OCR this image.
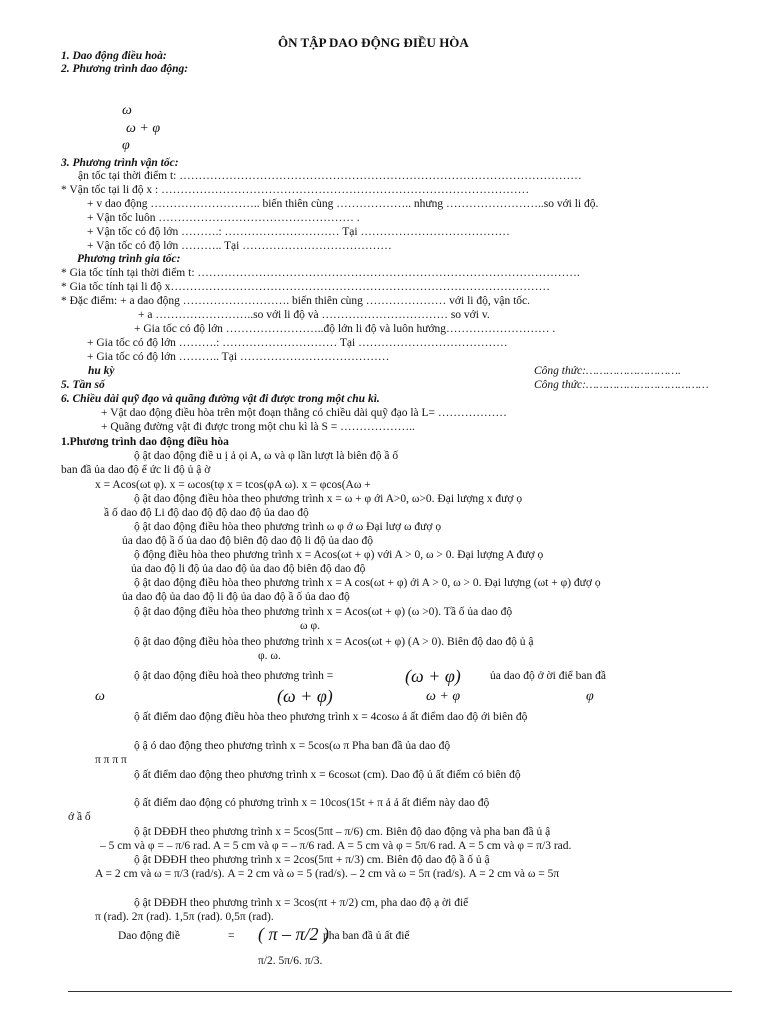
ÔN TẬP DAO ĐỘNG ĐIỀU HÒA
1. Dao động điều hoà:
2. Phương trình dao động:
ω
ω + φ
φ
3. Phương trình vận tốc:
ận tốc tại thời điểm t: ……………………………………………………………………………………………
* Vận tốc tại li độ x : ……………………………………………………………………………………
+ v dao động ……………………….. biến thiên cùng ……………….. nhưng ……………………..so với li độ.
+ Vận tốc luôn …………………………………………… .
+ Vận tốc có độ lớn ……….: ………………………… Tại …………………………………
+ Vận tốc có độ lớn ……….. Tại …………………………………
Phương trình gia tốc:
* Gia tốc tính tại thời điểm t: ……………………………………………………………………………………….
* Gia tốc tính tại li độ x………………………………………………………………………………………
* Đặc điểm: + a dao động ………………………. biến thiên cùng ………………… với li độ, vận tốc.
+ a ……………………..so với li độ và …………………………… so với v.
+ Gia tốc có độ lớn ……………………..độ lớn li độ và luôn hướng……………………… .
+ Gia tốc có độ lớn ……….: ………………………… Tại …………………………………
+ Gia tốc có độ lớn ……….. Tại …………………………………
hu kỳ	Công thức:……………………….
5. Tần số	Công thức:………………………………
6. Chiều dài quỹ đạo và quãng đường vật đi được trong một chu kì.
+ Vật dao động điều hòa trên một đoạn thẳng có chiều dài quỹ đạo là L= ………………
+ Quãng đường vật đi được trong một chu kì là S = ………………..
1.Phương trình dao động điều hòa
ộ ật dao động điề u ị ả ọi A, ω và φ lần lượt là biên độ ầ ố
ban đầ ủa dao độ ể ức li độ ủ ậ ờ
x = Acos(ωt φ). x = ωcos(tφ x = tcos(φA ω). x = φcos(Aω +
ộ ật dao động điều hòa theo phương trình x = ω + φ ới A>0, ω>0. Đại lượng x đượ ọ
ầ ố dao độ Li độ dao độ độ dao độ ủa dao độ
ộ ật dao động điều hòa theo phương trình ω φ ớ ω Đại lượ ω đượ ọ
ủa dao độ ầ ố ủa dao độ biên độ dao độ li độ ủa dao độ
ộ động điều hòa theo phương trình x = Acos(ωt + φ) với A > 0, ω > 0. Đại lượng A đượ ọ
ủa dao độ li độ ủa dao độ ủa dao độ biên độ dao độ
ộ ật dao động điều hòa theo phương trình x = A cos(ωt + φ) ới A > 0, ω > 0. Đại lượng (ωt + φ) đượ ọ
ủa dao độ ủa dao độ li độ ủa dao độ ầ ố ủa dao độ
ộ ật dao động điều hòa theo phương trình x = Acos(ωt + φ) (ω >0). Tầ ố ủa dao độ
ω φ.
ộ ật dao động điều hòa theo phương trình x = Acos(ωt + φ) (A > 0). Biên độ dao độ ủ ậ
φ. ω.
ộ ật dao động điều hoà theo phương trình =	(ω + φ)	ủa dao độ ở ời điể ban đầ
ω	(ω + φ)	ω + φ	φ
ộ ất điểm dao động điều hòa theo phương trình x = 4cosω ả ất điểm dao độ ới biên độ
ộ ậ ó dao động theo phương trình x = 5cos(ω π Pha ban đầ ủa dao độ
π π π π
ộ ất điểm dao động theo phương trình x = 6cosωt (cm). Dao độ ủ ất điểm có biên độ
ộ ất điểm dao động có phương trình x = 10cos(15t + π ả ả ất điểm này dao độ
ớ ầ ố
ộ ật DĐĐH theo phương trình x = 5cos(5πt – π/6) cm. Biên độ dao động và pha ban đầ ủ ậ
– 5 cm và φ = – π/6 rad. A = 5 cm và φ = – π/6 rad. A = 5 cm và φ = 5π/6 rad. A = 5 cm và φ = π/3 rad.
ộ ật DĐĐH theo phương trình x = 2cos(5πt + π/3) cm. Biên độ dao độ ầ ố ủ ậ
A = 2 cm và ω = π/3 (rad/s). A = 2 cm và ω = 5 (rad/s). – 2 cm và ω = 5π (rad/s). A = 2 cm và ω = 5π
ộ ật DĐĐH theo phương trình x = 3cos(πt + π/2) cm, pha dao độ ạ ời điể
π (rad). 2π (rad). 1,5π (rad). 0,5π (rad).
Dao động điề	= ( π – π/2 )
pha ban đầ ủ ất điể
π/2. 5π/6. π/3.
